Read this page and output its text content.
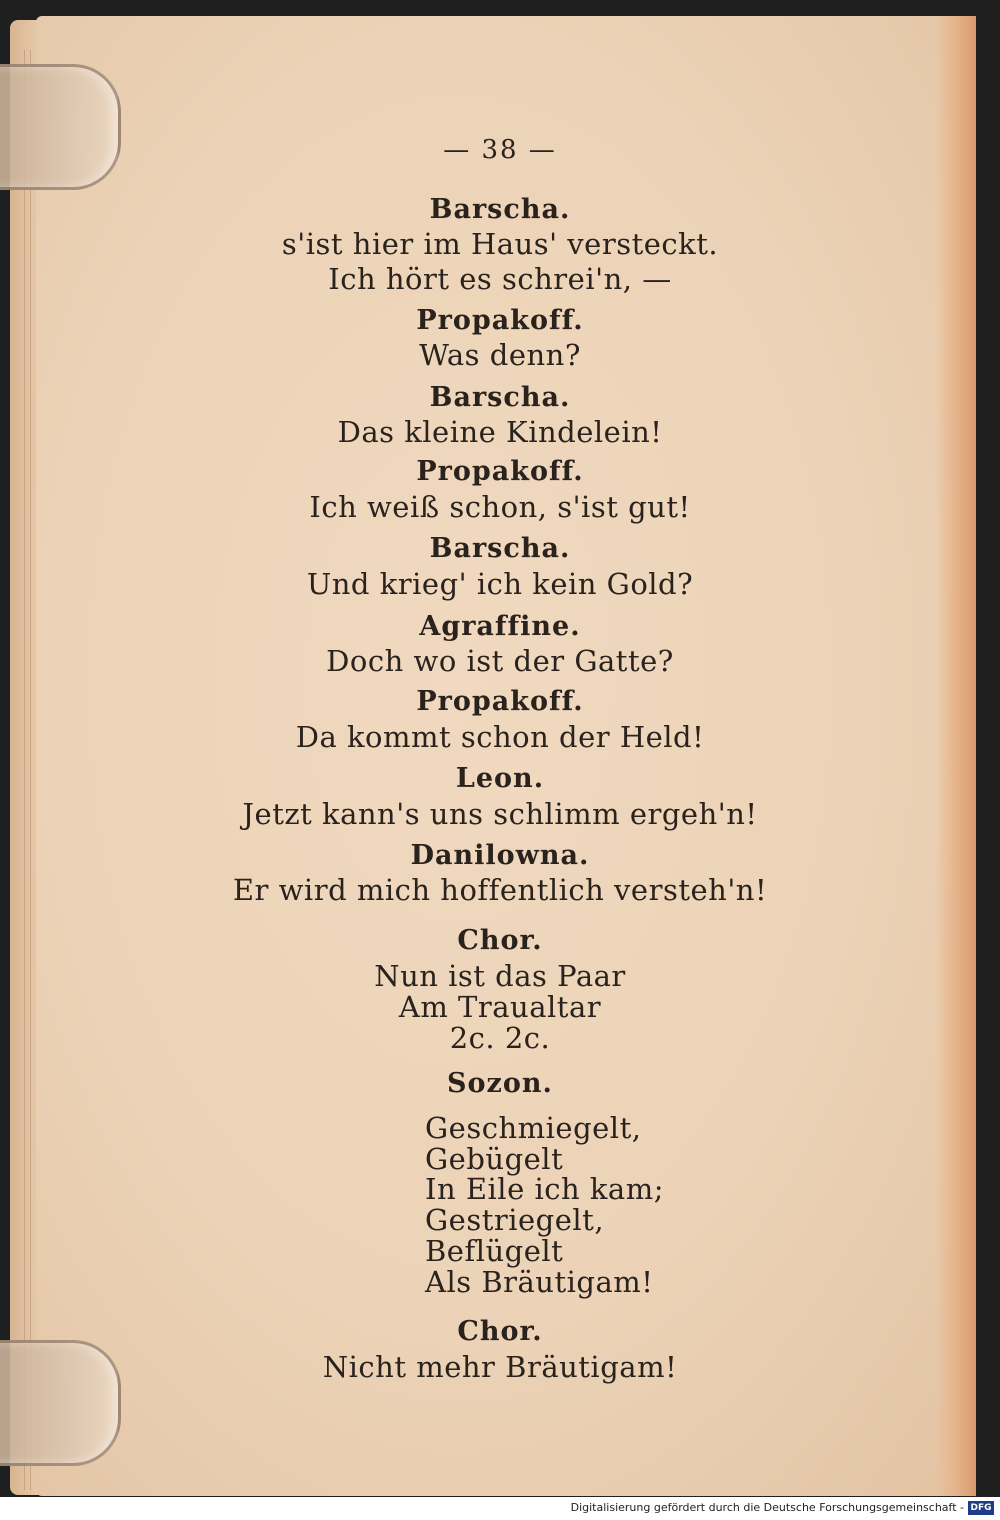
— 38 —
Barscha.
s'ist hier im Haus' versteckt.
Ich hört es schrei'n, —
Propakoff.
Was denn?
Barscha.
Das kleine Kindelein!
Propakoff.
Ich weiß schon, s'ist gut!
Barscha.
Und krieg' ich kein Gold?
Agraffine.
Doch wo ist der Gatte?
Propakoff.
Da kommt schon der Held!
Leon.
Jetzt kann's uns schlimm ergeh'n!
Danilowna.
Er wird mich hoffentlich versteh'n!
Chor.
Nun ist das Paar
Am Traualtar
2c. 2c.
Sozon.
Geschmiegelt,
Gebügelt
In Eile ich kam;
Gestriegelt,
Beflügelt
Als Bräutigam!
Chor.
Nicht mehr Bräutigam!
Digitalisierung gefördert durch die Deutsche Forschungsgemeinschaft - DFG
